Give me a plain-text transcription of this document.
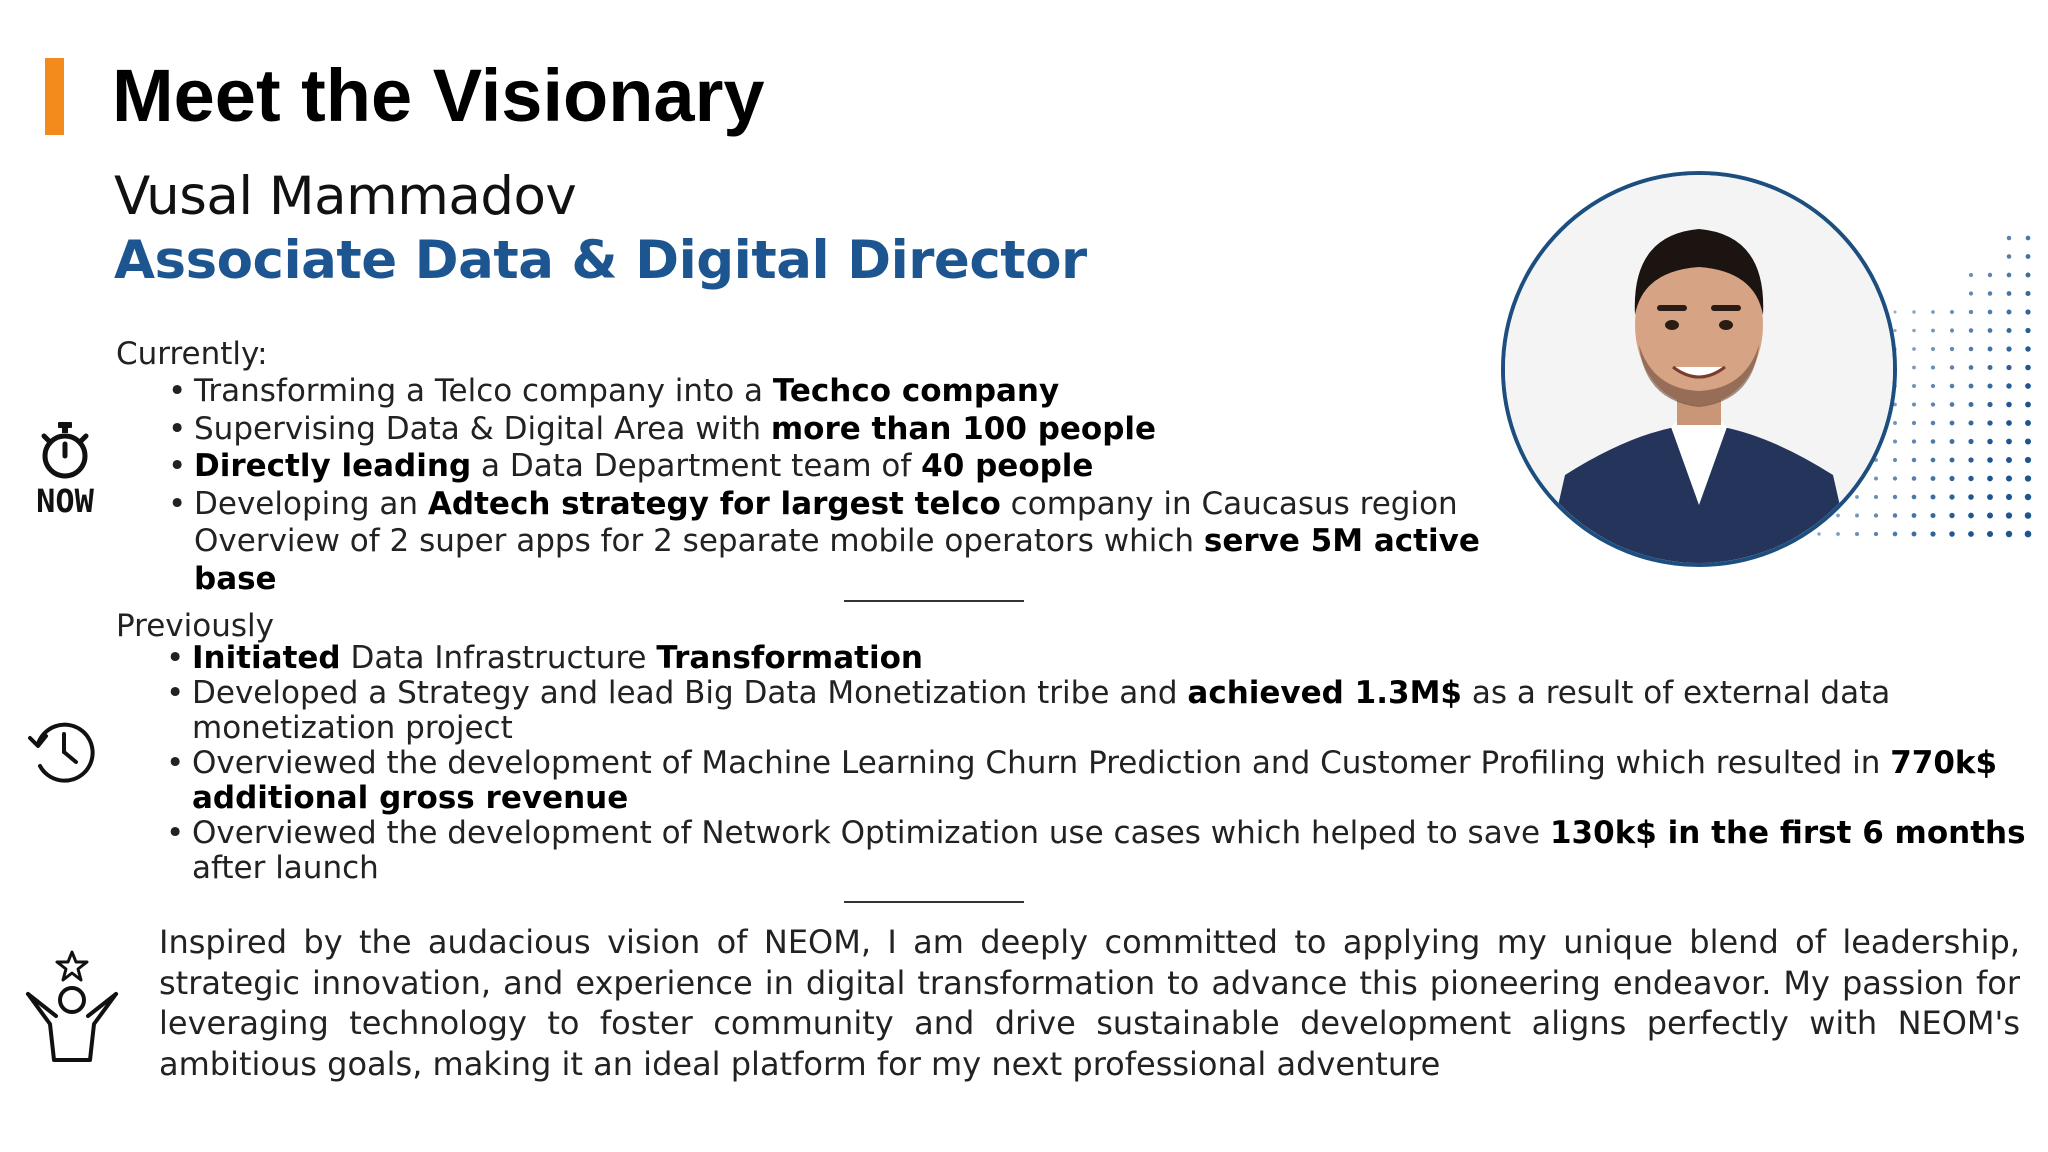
Meet the Visionary
Vusal Mammadov
Associate Data & Digital Director
NOW
Currently:
• Transforming a Telco company into a Techco company
• Supervising Data & Digital Area with more than 100 people
• Directly leading a Data Department team of 40 people
• Developing an Adtech strategy for largest telco company in Caucasus region
Overview of 2 super apps for 2 separate mobile operators which serve 5M active base
Previously
• Initiated Data Infrastructure Transformation
• Developed a Strategy and lead Big Data Monetization tribe and achieved 1.3M$ as a result of external data monetization project
• Overviewed the development of Machine Learning Churn Prediction and Customer Profiling which resulted in 770k$ additional gross revenue
• Overviewed the development of Network Optimization use cases which helped to save 130k$ in the first 6 months after launch
Inspired by the audacious vision of NEOM, I am deeply committed to applying my unique blend of leadership, strategic innovation, and experience in digital transformation to advance this pioneering endeavor. My passion for leveraging technology to foster community and drive sustainable development aligns perfectly with NEOM's ambitious goals, making it an ideal platform for my next professional adventure
